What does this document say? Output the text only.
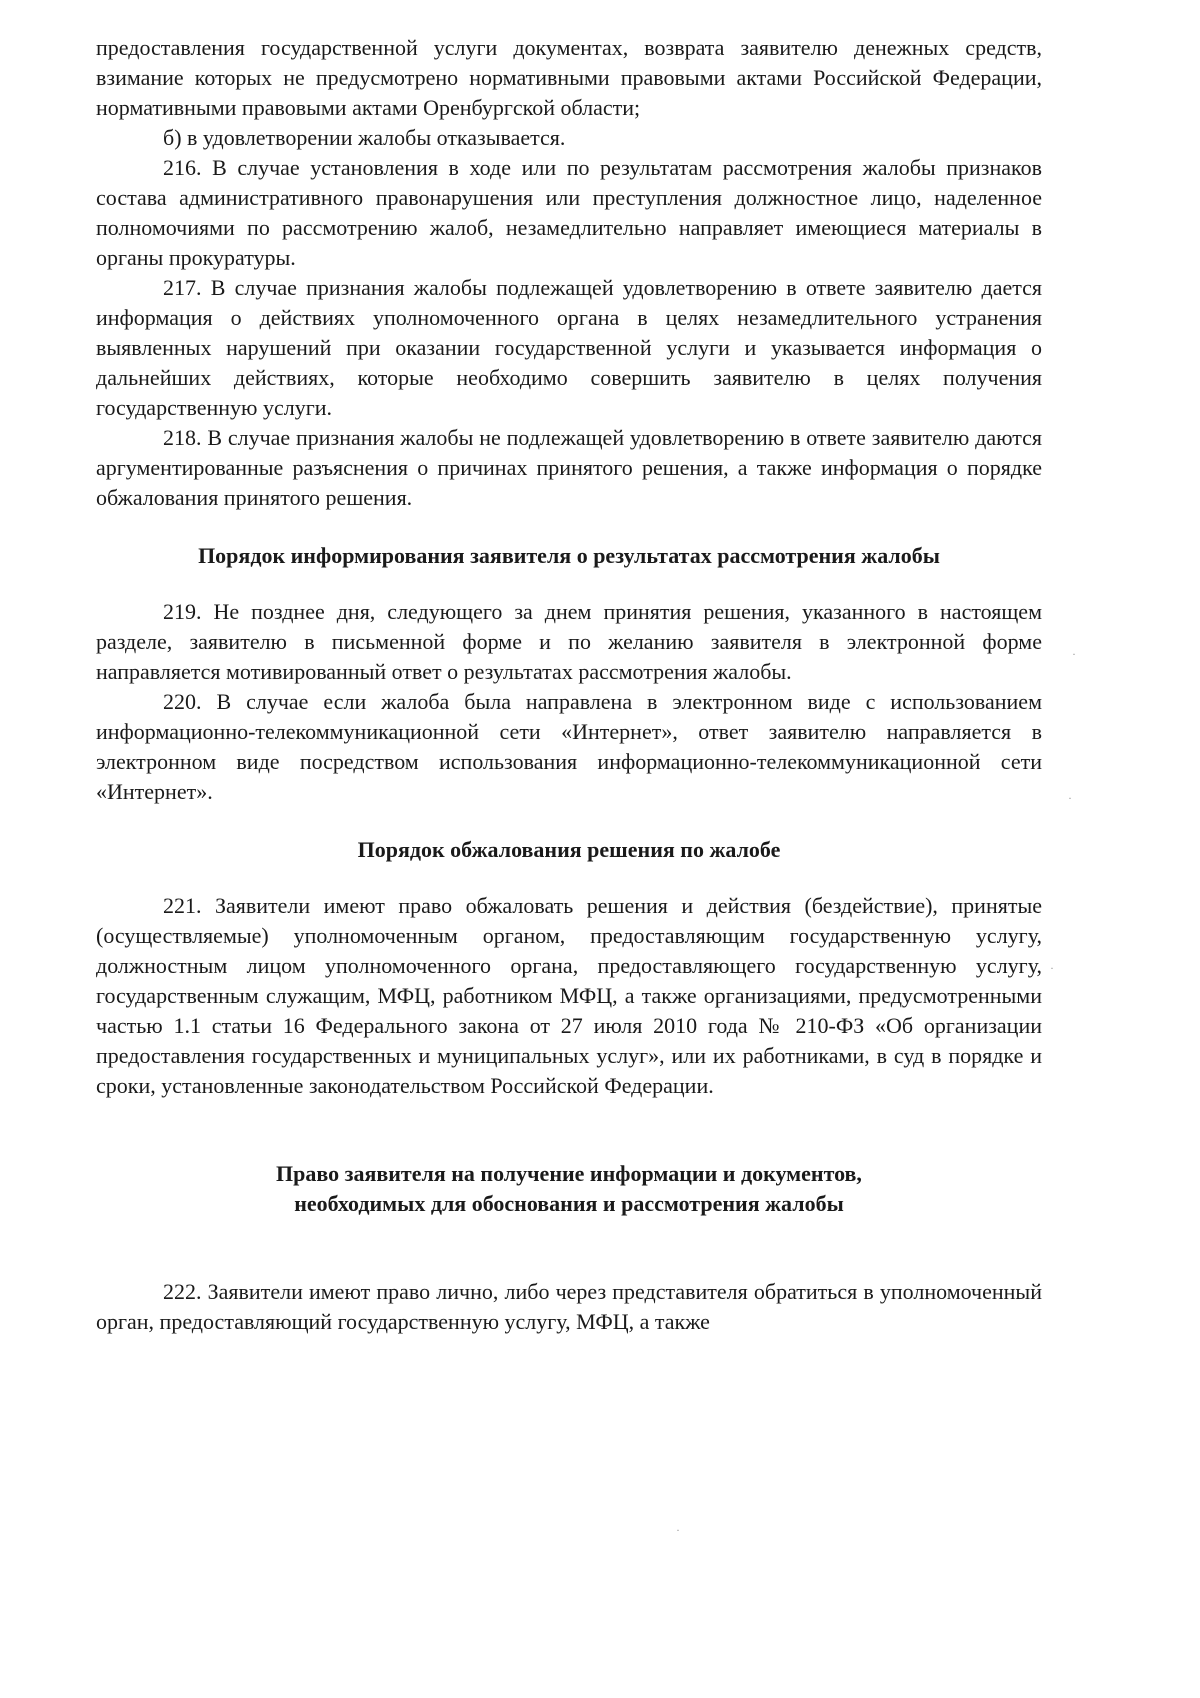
предоставления государственной услуги документах, возврата заявителю денежных средств, взимание которых не предусмотрено нормативными правовыми актами Российской Федерации, нормативными правовыми актами Оренбургской области;

б) в удовлетворении жалобы отказывается.

216. В случае установления в ходе или по результатам рассмотрения жалобы признаков состава административного правонарушения или преступления должностное лицо, наделенное полномочиями по рассмотрению жалоб, незамедлительно направляет имеющиеся материалы в органы прокуратуры.

217. В случае признания жалобы подлежащей удовлетворению в ответе заявителю дается информация о действиях уполномоченного органа в целях незамедлительного устранения выявленных нарушений при оказании государственной услуги и указывается информация о дальнейших действиях, которые необходимо совершить заявителю в целях получения государственную услуги.

218. В случае признания жалобы не подлежащей удовлетворению в ответе заявителю даются аргументированные разъяснения о причинах принятого решения, а также информация о порядке обжалования принятого решения.

Порядок информирования заявителя о результатах рассмотрения жалобы

219. Не позднее дня, следующего за днем принятия решения, указанного в настоящем разделе, заявителю в письменной форме и по желанию заявителя в электронной форме направляется мотивированный ответ о результатах рассмотрения жалобы.

220. В случае если жалоба была направлена в электронном виде с использованием информационно-телекоммуникационной сети «Интернет», ответ заявителю направляется в электронном виде посредством использования информационно-телекоммуникационной сети «Интернет».

Порядок обжалования решения по жалобе

221. Заявители имеют право обжаловать решения и действия (бездействие), принятые (осуществляемые) уполномоченным органом, предоставляющим государственную услугу, должностным лицом уполномоченного органа, предоставляющего государственную услугу, государственным служащим, МФЦ, работником МФЦ, а также организациями, предусмотренными частью 1.1 статьи 16 Федерального закона от 27 июля 2010 года № 210-ФЗ «Об организации предоставления государственных и муниципальных услуг», или их работниками, в суд в порядке и сроки, установленные законодательством Российской Федерации.

Право заявителя на получение информации и документов,
необходимых для обоснования и рассмотрения жалобы

222. Заявители имеют право лично, либо через представителя обратиться в уполномоченный орган, предоставляющий государственную услугу, МФЦ, а также

·
·
·
·
